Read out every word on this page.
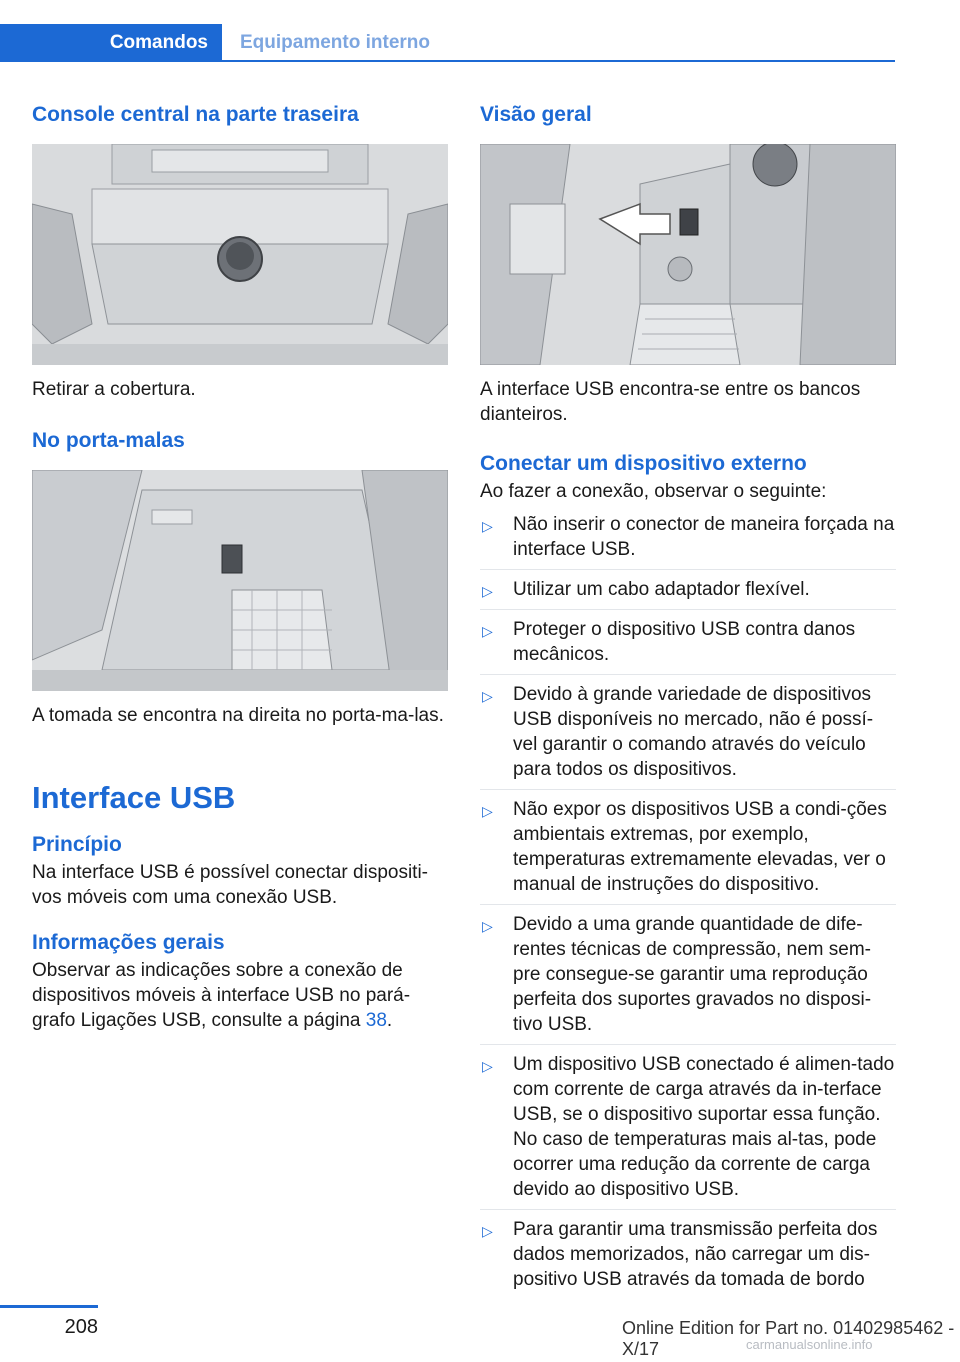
Comandos	Equipamento interno
Console central na parte traseira
Retirar a cobertura.
No porta-malas
A tomada se encontra na direita no porta-ma-las.
Interface USB
Princípio
Na interface USB é possível conectar dispositi-vos móveis com uma conexão USB.
Informações gerais
Observar as indicações sobre a conexão de dispositivos móveis à interface USB no pará-grafo Ligações USB, consulte a página 38.
Visão geral
A interface USB encontra-se entre os bancos dianteiros.
Conectar um dispositivo externo
Ao fazer a conexão, observar o seguinte:
▷ Não inserir o conector de maneira forçada na interface USB.
▷ Utilizar um cabo adaptador flexível.
▷ Proteger o dispositivo USB contra danos mecânicos.
▷ Devido à grande variedade de dispositivos USB disponíveis no mercado, não é possí-vel garantir o comando através do veículo para todos os dispositivos.
▷ Não expor os dispositivos USB a condi-ções ambientais extremas, por exemplo, temperaturas extremamente elevadas, ver o manual de instruções do dispositivo.
▷ Devido a uma grande quantidade de dife-rentes técnicas de compressão, nem sem-pre consegue-se garantir uma reprodução perfeita dos suportes gravados no disposi-tivo USB.
▷ Um dispositivo USB conectado é alimen-tado com corrente de carga através da in-terface USB, se o dispositivo suportar essa função. No caso de temperaturas mais al-tas, pode ocorrer uma redução da corrente de carga devido ao dispositivo USB.
▷ Para garantir uma transmissão perfeita dos dados memorizados, não carregar um dis-positivo USB através da tomada de bordo
208	Online Edition for Part no. 01402985462 - X/17	carmanualsonline.info
